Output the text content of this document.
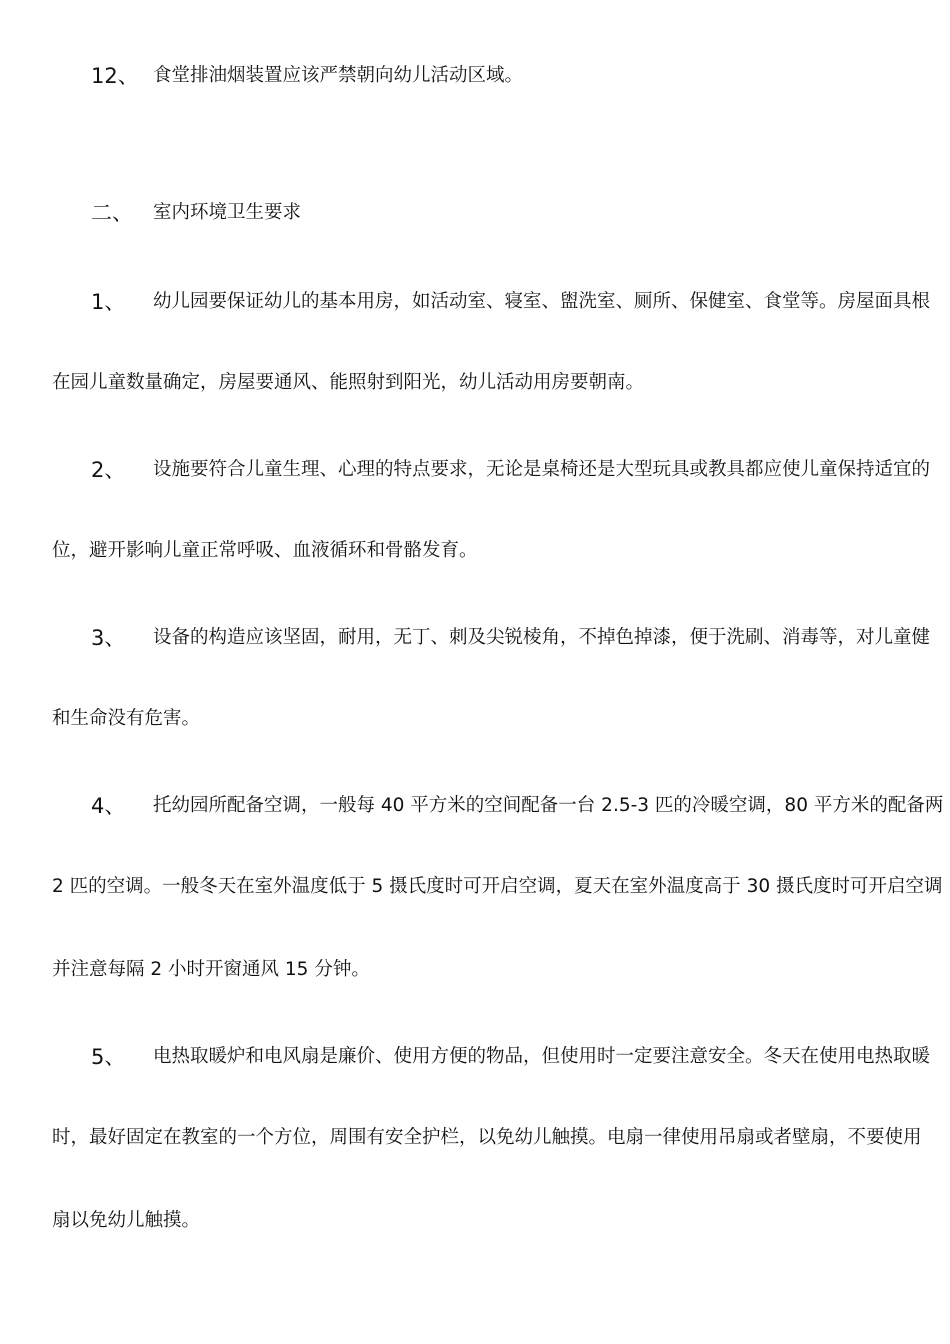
12、 食堂排油烟装置应该严禁朝向幼儿活动区域。
二、 室内环境卫生要求
1、 幼儿园要保证幼儿的基本用房，如活动室、寝室、盥洗室、厕所、保健室、食堂等。房屋面具根
在园儿童数量确定，房屋要通风、能照射到阳光，幼儿活动用房要朝南。
2、 设施要符合儿童生理、心理的特点要求，无论是桌椅还是大型玩具或教具都应使儿童保持适宜的
位，避开影响儿童正常呼吸、血液循环和骨骼发育。
3、 设备的构造应该坚固，耐用，无丁、刺及尖锐棱角，不掉色掉漆，便于洗刷、消毒等，对儿童健
和生命没有危害。
4、 托幼园所配备空调，一般每 40 平方米的空间配备一台 2.5-3 匹的冷暖空调，80 平方米的配备两
2 匹的空调。一般冬天在室外温度低于 5 摄氏度时可开启空调，夏天在室外温度高于 30 摄氏度时可开启空调
并注意每隔 2 小时开窗通风 15 分钟。
5、 电热取暖炉和电风扇是廉价、使用方便的物品，但使用时一定要注意安全。冬天在使用电热取暖
时，最好固定在教室的一个方位，周围有安全护栏，以免幼儿触摸。电扇一律使用吊扇或者壁扇，不要使用
扇以免幼儿触摸。
